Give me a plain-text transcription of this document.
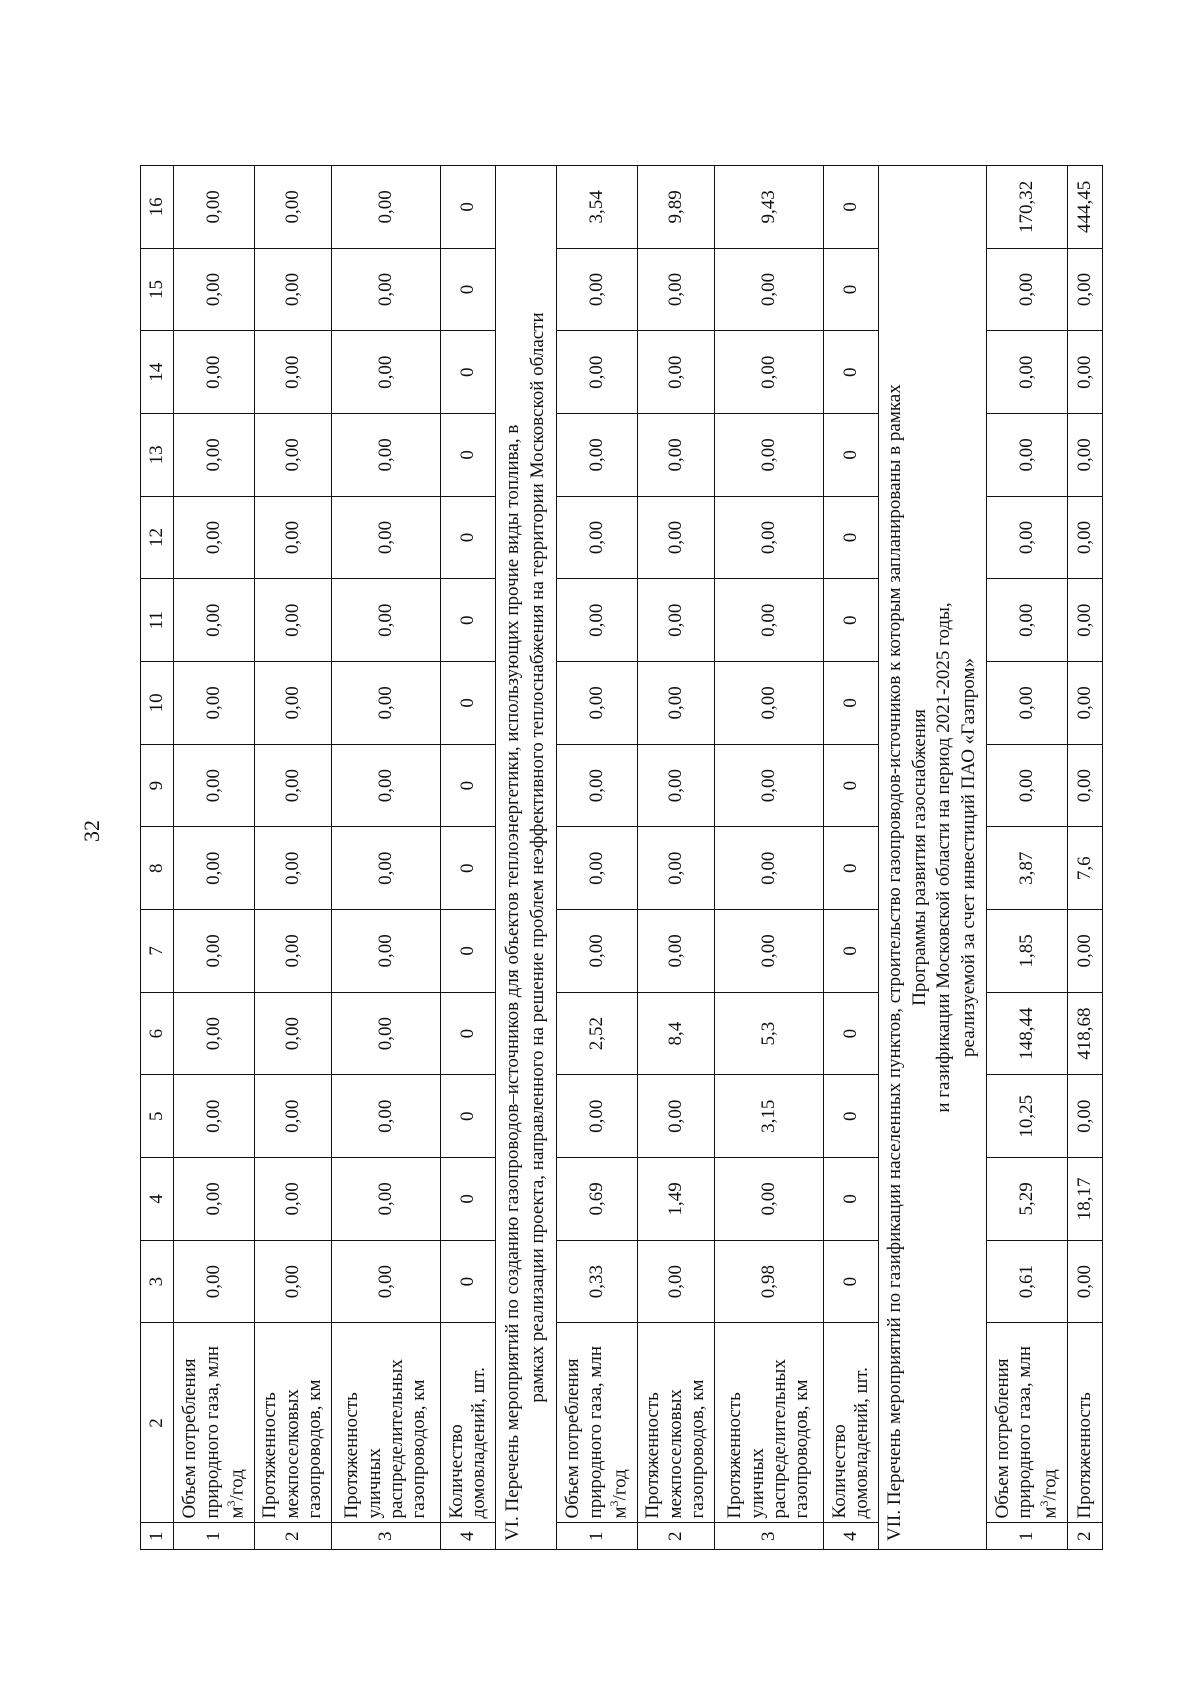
32
1	2	3	4	5	6	7	8	9	10	11	12	13	14	15	16
1	Объем потребления природного газа, млн $м^3$/год	0,00	0,00	0,00	0,00	0,00	0,00	0,00	0,00	0,00	0,00	0,00	0,00	0,00	0,00
2	Протяженность межпоселковых газопроводов, км	0,00	0,00	0,00	0,00	0,00	0,00	0,00	0,00	0,00	0,00	0,00	0,00	0,00	0,00
3	Протяженность уличных распределительных газопроводов, км	0,00	0,00	0,00	0,00	0,00	0,00	0,00	0,00	0,00	0,00	0,00	0,00	0,00	0,00
4	Количество домовладений, шт.	0	0	0	0	0	0	0	0	0	0	0	0	0	0

VI. Перечень мероприятий по созданию газопроводов–источников для объектов теплоэнергетики, использующих прочие виды топлива, в рамках реализации проекта, направленного на решение проблем неэффективного теплоснабжения на территории Московской области															

1	Объем потребления природного газа, млн $м^3$/год	0,33	0,69	0,00	2,52	0,00	0,00	0,00	0,00	0,00	0,00	0,00	0,00	0,00	3,54
2	Протяженность межпоселковых газопроводов, км	0,00	1,49	0,00	8,4	0,00	0,00	0,00	0,00	0,00	0,00	0,00	0,00	0,00	9,89
3	Протяженность уличных распределительных газопроводов, км	0,98	0,00	3,15	5,3	0,00	0,00	0,00	0,00	0,00	0,00	0,00	0,00	0,00	9,43
4	Количество домовладений, шт.	0	0	0	0	0	0	0	0	0	0	0	0	0	0

VII. Перечень мероприятий по газификации населенных пунктов, строительство газопроводов-источников к которым запланированы в рамках Программы развития газоснабжения и газификации Московской области на период 2021-2025 годы, реализуемой за счет инвестиций ПАО «Газпром»															

1	Объем потребления природного газа, млн $м^3$/год	0,61	5,29	10,25	148,44	1,85	3,87	0,00	0,00	0,00	0,00	0,00	0,00	0,00	170,32
2	Протяженность	0,00	18,17	0,00	418,68	0,00	7,6	0,00	0,00	0,00	0,00	0,00	0,00	0,00	444,45
